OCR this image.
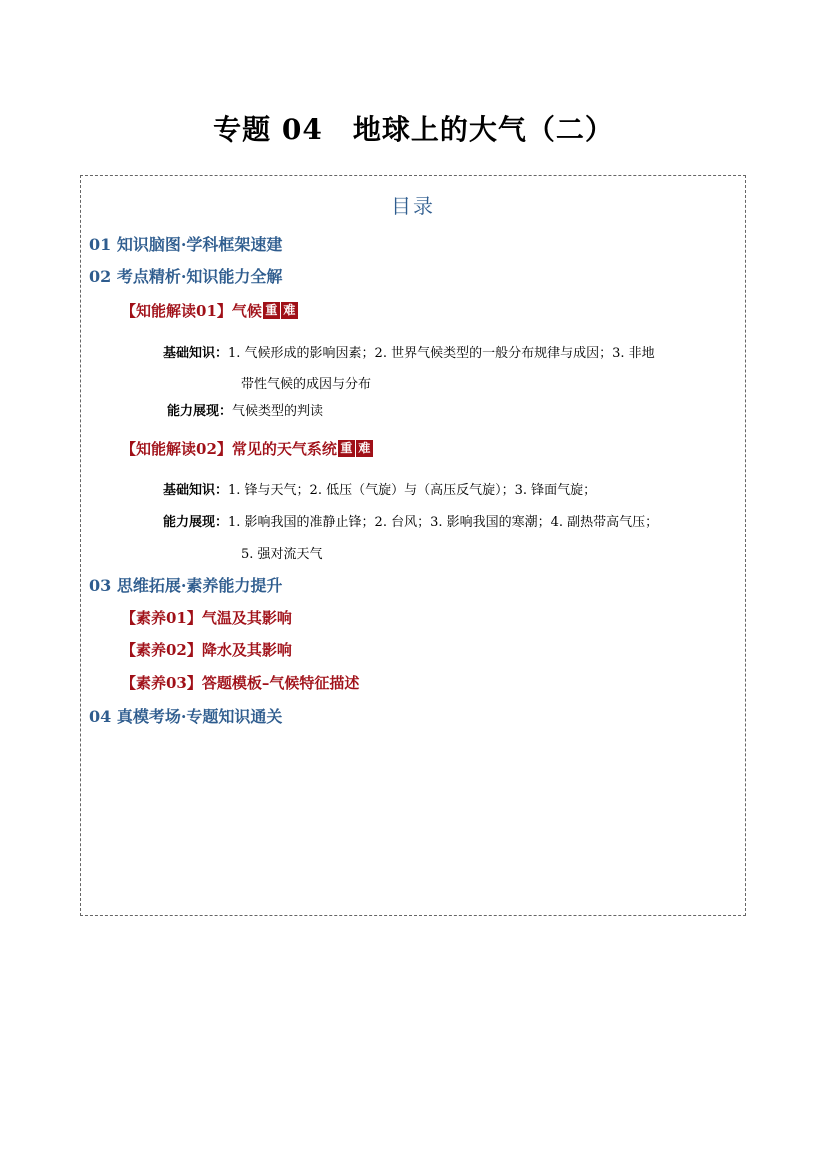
专题 04 地球上的大气（二）
目录
01 知识脑图·学科框架速建
02 考点精析·知识能力全解
【知能解读01】气候 重 难
基础知识：1. 气候形成的影响因素；2. 世界气候类型的一般分布规律与成因；3. 非地
带性气候的成因与分布
能力展现：气候类型的判读
【知能解读02】常见的天气系统 重 难
基础知识：1. 锋与天气；2. 低压（气旋）与（高压反气旋）；3. 锋面气旋；
能力展现：1. 影响我国的准静止锋；2. 台风；3. 影响我国的寒潮；4. 副热带高气压；
5. 强对流天气
03 思维拓展·素养能力提升
【素养01】气温及其影响
【素养02】降水及其影响
【素养03】答题模板–气候特征描述
04 真模考场·专题知识通关
